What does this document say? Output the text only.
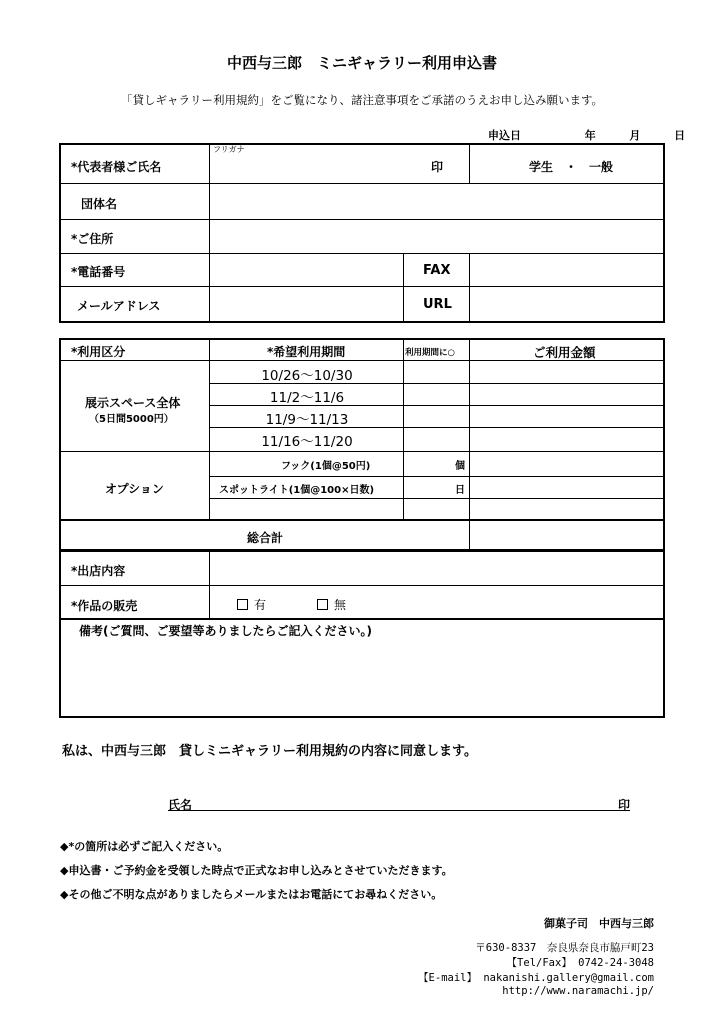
中西与三郎　ミニギャラリー利用申込書
「貸しギャラリー利用規約」をご覧になり、諸注意事項をご承諾のうえお申し込み願います。
申込日	年	月	日
*代表者様ご氏名
フリガナ
印	学生　・　一般
団体名
*ご住所
*電話番号	FAX
メールアドレス	URL
*利用区分	*希望利用期間	利用期間に○	ご利用金額
展示スペース全体
（5日間5000円）
10/26～10/30
11/2～11/6
11/9～11/13
11/16～11/20
オプション
フック(1個@50円)	個
スポットライト(1個@100×日数)	日
総合計
*出店内容
*作品の販売	有	無
備考(ご質問、ご要望等ありましたらご記入ください。)
私は、中西与三郎　貸しミニギャラリー利用規約の内容に同意します。
氏名	印
◆*の箇所は必ずご記入ください。
◆申込書・ご予約金を受領した時点で正式なお申し込みとさせていただきます。
◆その他ご不明な点がありましたらメールまたはお電話にてお尋ねください。
御菓子司　中西与三郎
〒630-8337　奈良県奈良市脇戸町23
【Tel/Fax】 0742-24-3048
【E-mail】 nakanishi.gallery@gmail.com
http://www.naramachi.jp/
